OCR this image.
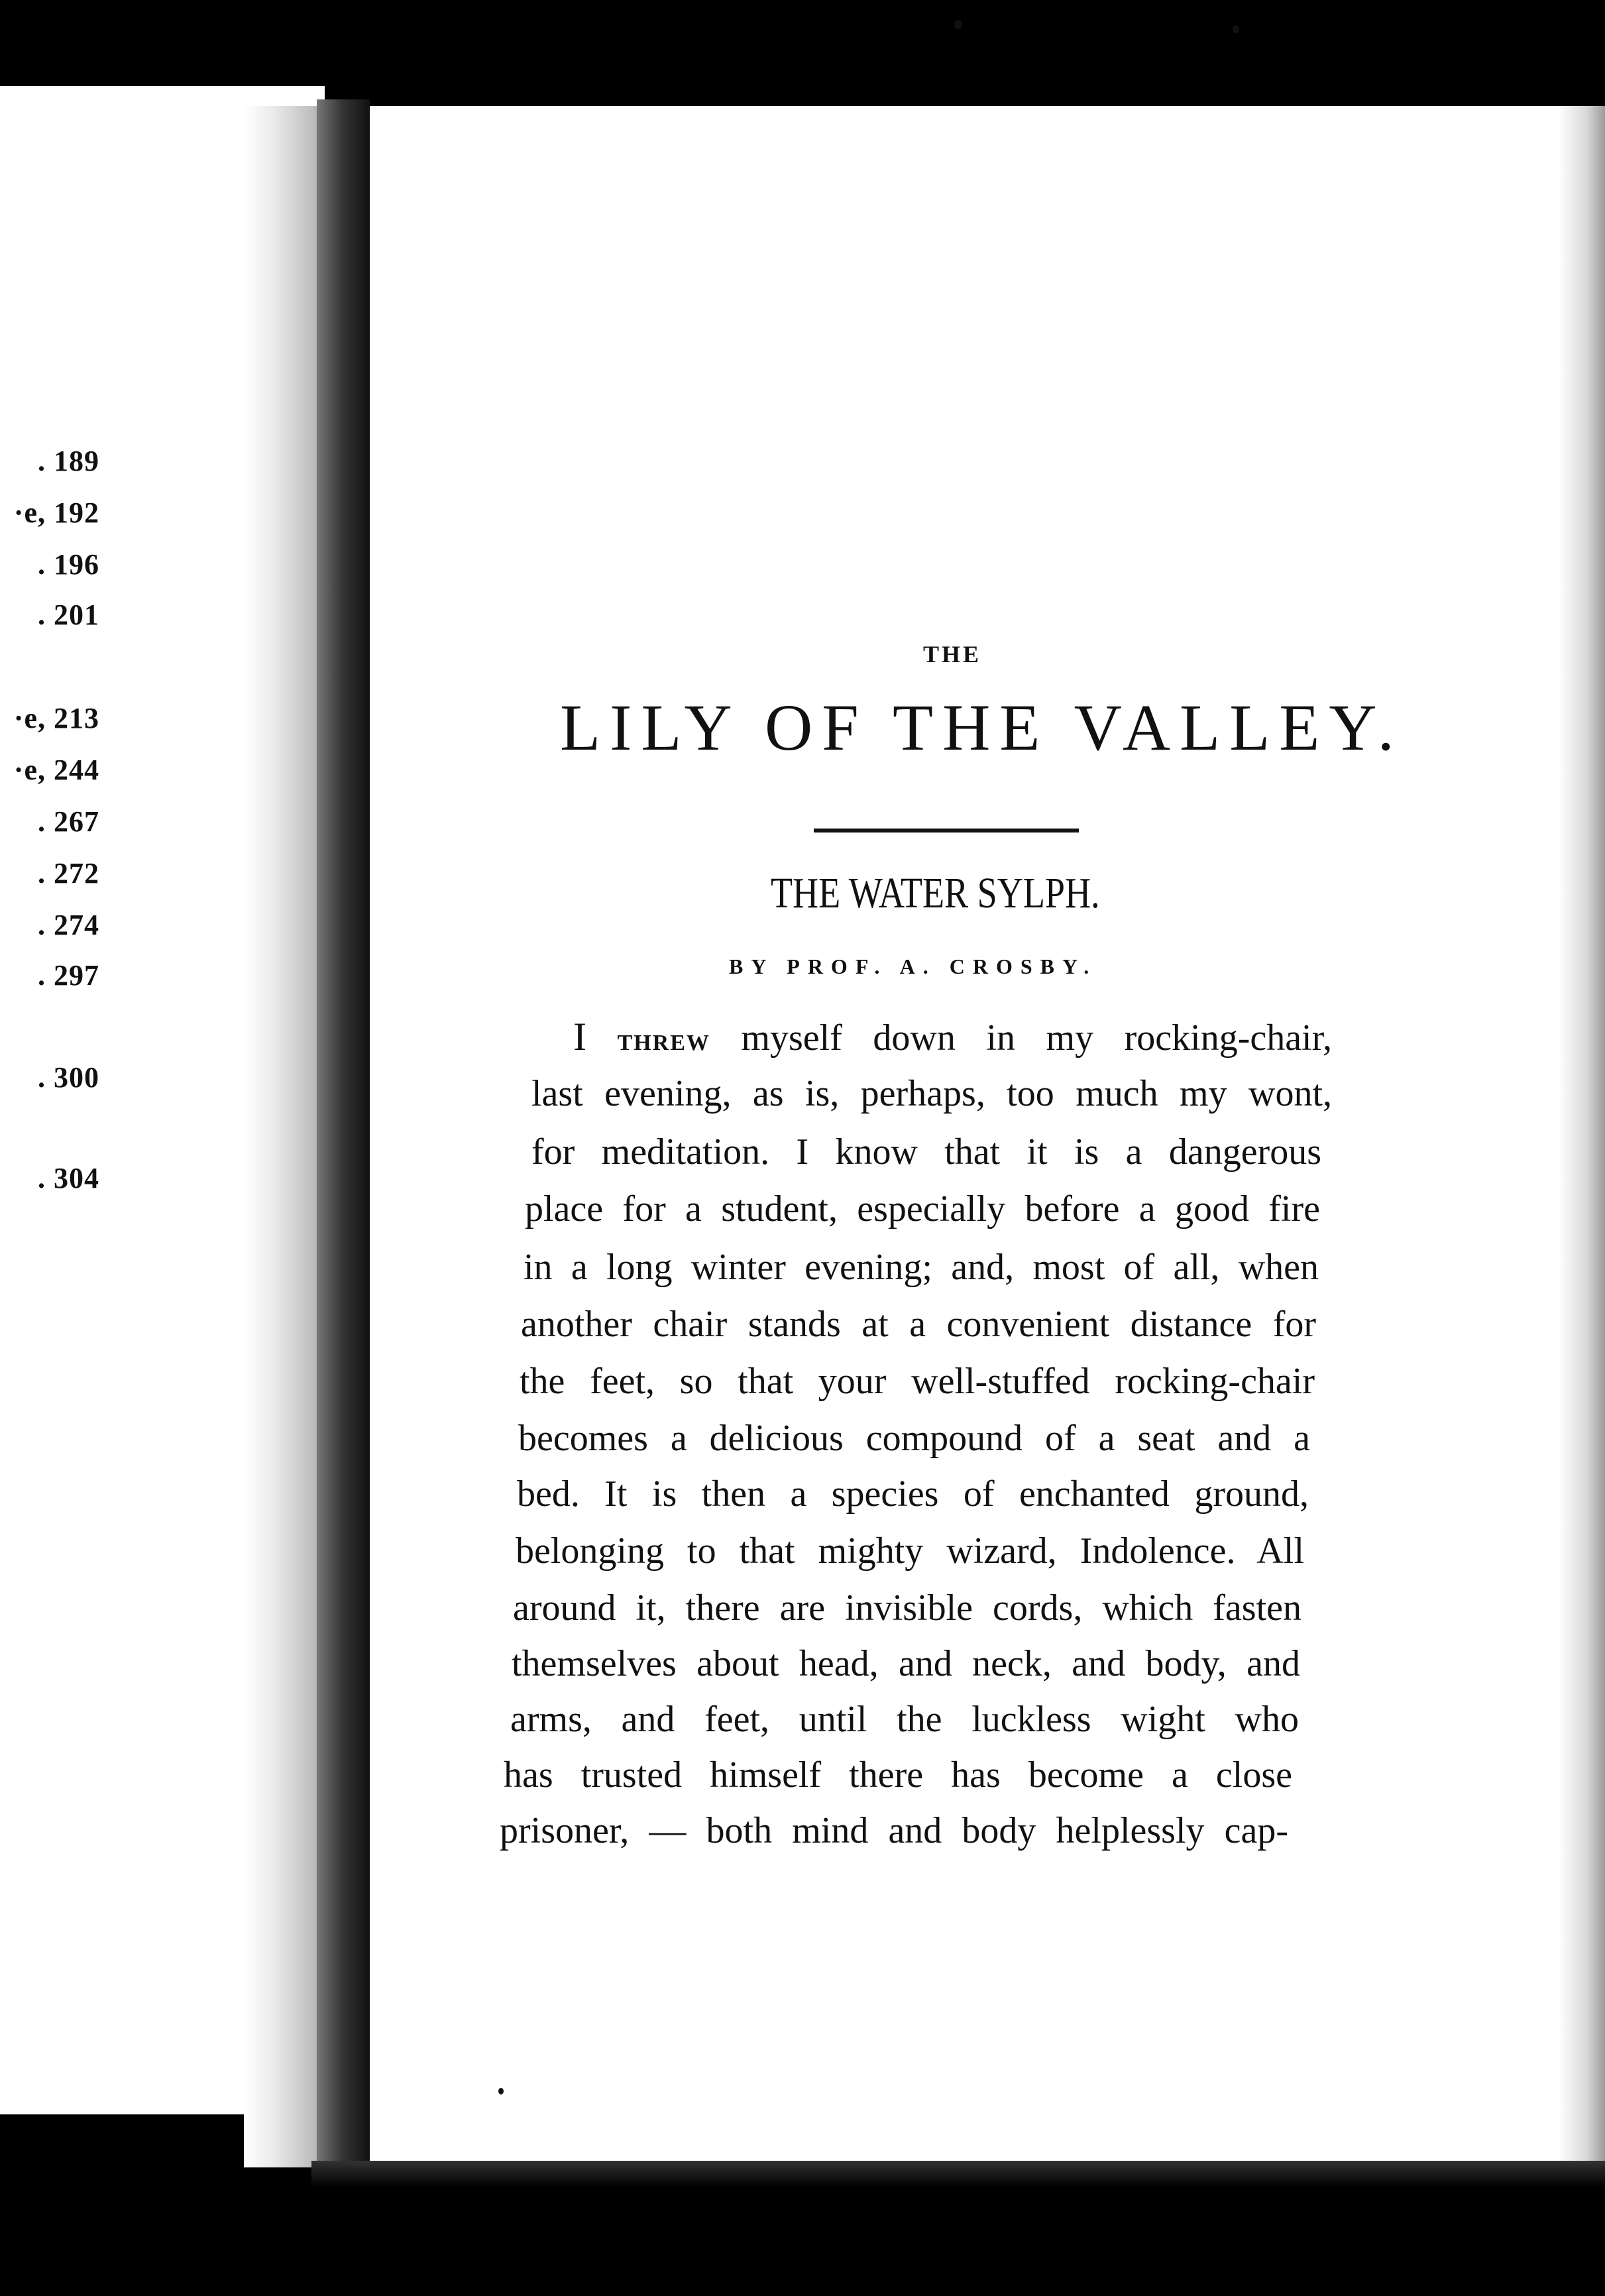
. 189
·e, 192
. 196
. 201
·e, 213
·e, 244
. 267
. 272
. 274
. 297
. 300
. 304
THE
LILY OF THE VALLEY.
THE WATER SYLPH.
BY PROF. A. CROSBY.
I threw myself down in my rocking-chair,
last evening, as is, perhaps, too much my wont,
for meditation. I know that it is a dangerous
place for a student, especially before a good fire
in a long winter evening; and, most of all, when
another chair stands at a convenient distance for
the feet, so that your well-stuffed rocking-chair
becomes a delicious compound of a seat and a
bed. It is then a species of enchanted ground,
belonging to that mighty wizard, Indolence. All
around it, there are invisible cords, which fasten
themselves about head, and neck, and body, and
arms, and feet, until the luckless wight who
has trusted himself there has become a close
prisoner, — both mind and body helplessly cap-
